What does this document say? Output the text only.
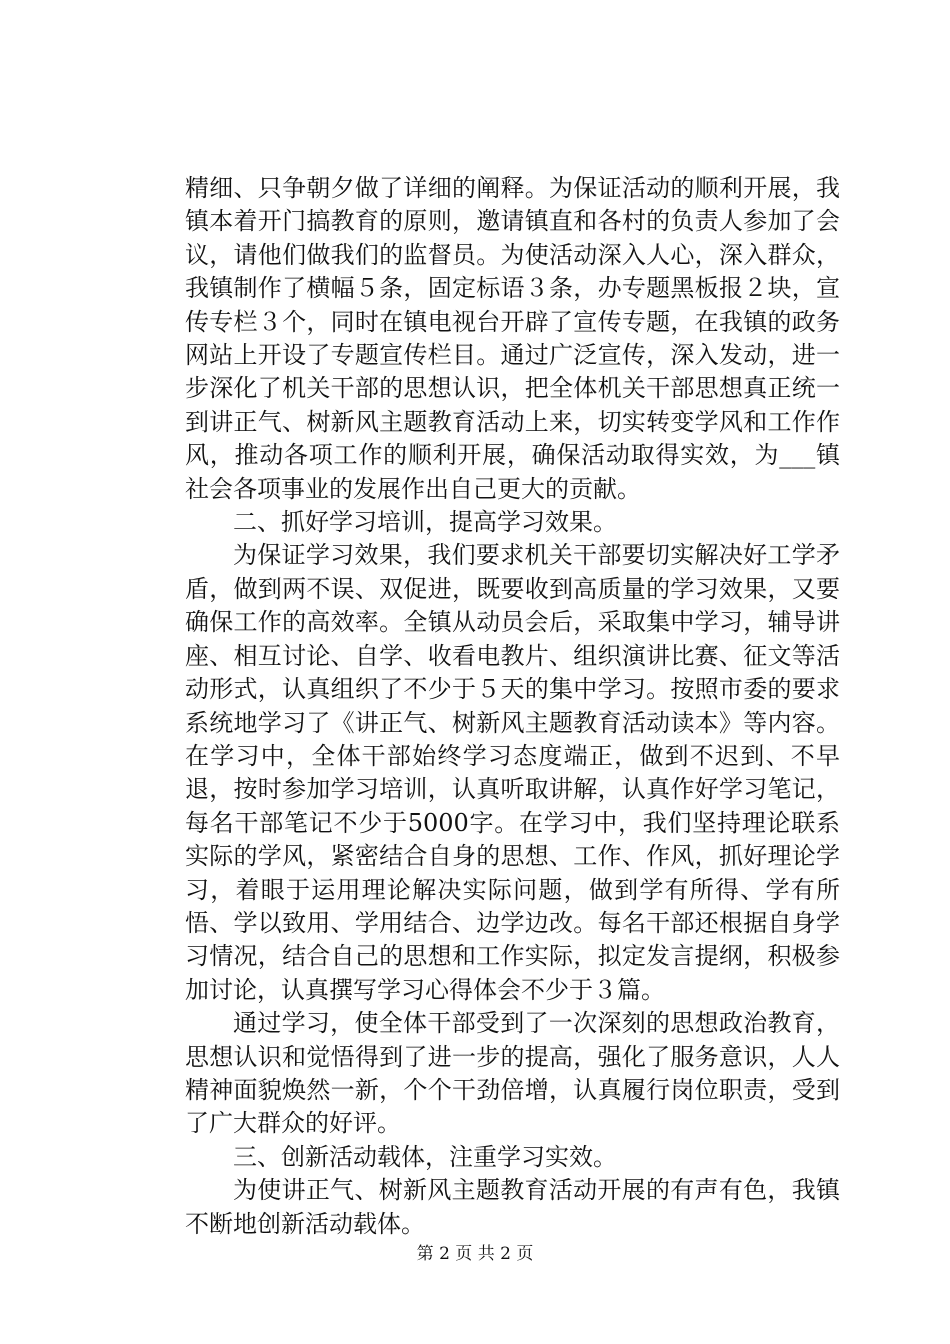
精细、只争朝夕做了详细的阐释。为保证活动的顺利开展，我镇本着开门搞教育的原则，邀请镇直和各村的负责人参加了会议，请他们做我们的监督员。为使活动深入人心，深入群众，我镇制作了横幅５条，固定标语３条，办专题黑板报２块，宣传专栏３个，同时在镇电视台开辟了宣传专题，在我镇的政务网站上开设了专题宣传栏目。通过广泛宣传，深入发动，进一步深化了机关干部的思想认识，把全体机关干部思想真正统一到讲正气、树新风主题教育活动上来，切实转变学风和工作作风，推动各项工作的顺利开展，确保活动取得实效，为___镇社会各项事业的发展作出自己更大的贡献。

二、抓好学习培训，提高学习效果。

为保证学习效果，我们要求机关干部要切实解决好工学矛盾，做到两不误、双促进，既要收到高质量的学习效果，又要确保工作的高效率。全镇从动员会后，采取集中学习，辅导讲座、相互讨论、自学、收看电教片、组织演讲比赛、征文等活动形式，认真组织了不少于５天的集中学习。按照市委的要求系统地学习了《讲正气、树新风主题教育活动读本》等内容。在学习中，全体干部始终学习态度端正，做到不迟到、不早退，按时参加学习培训，认真听取讲解，认真作好学习笔记，每名干部笔记不少于5000字。在学习中，我们坚持理论联系实际的学风，紧密结合自身的思想、工作、作风，抓好理论学习，着眼于运用理论解决实际问题，做到学有所得、学有所悟、学以致用、学用结合、边学边改。每名干部还根据自身学习情况，结合自己的思想和工作实际，拟定发言提纲，积极参加讨论，认真撰写学习心得体会不少于３篇。

通过学习，使全体干部受到了一次深刻的思想政治教育，思想认识和觉悟得到了进一步的提高，强化了服务意识，人人精神面貌焕然一新，个个干劲倍增，认真履行岗位职责，受到了广大群众的好评。

三、创新活动载体，注重学习实效。

为使讲正气、树新风主题教育活动开展的有声有色，我镇不断地创新活动载体。

第 2 页 共 2 页
